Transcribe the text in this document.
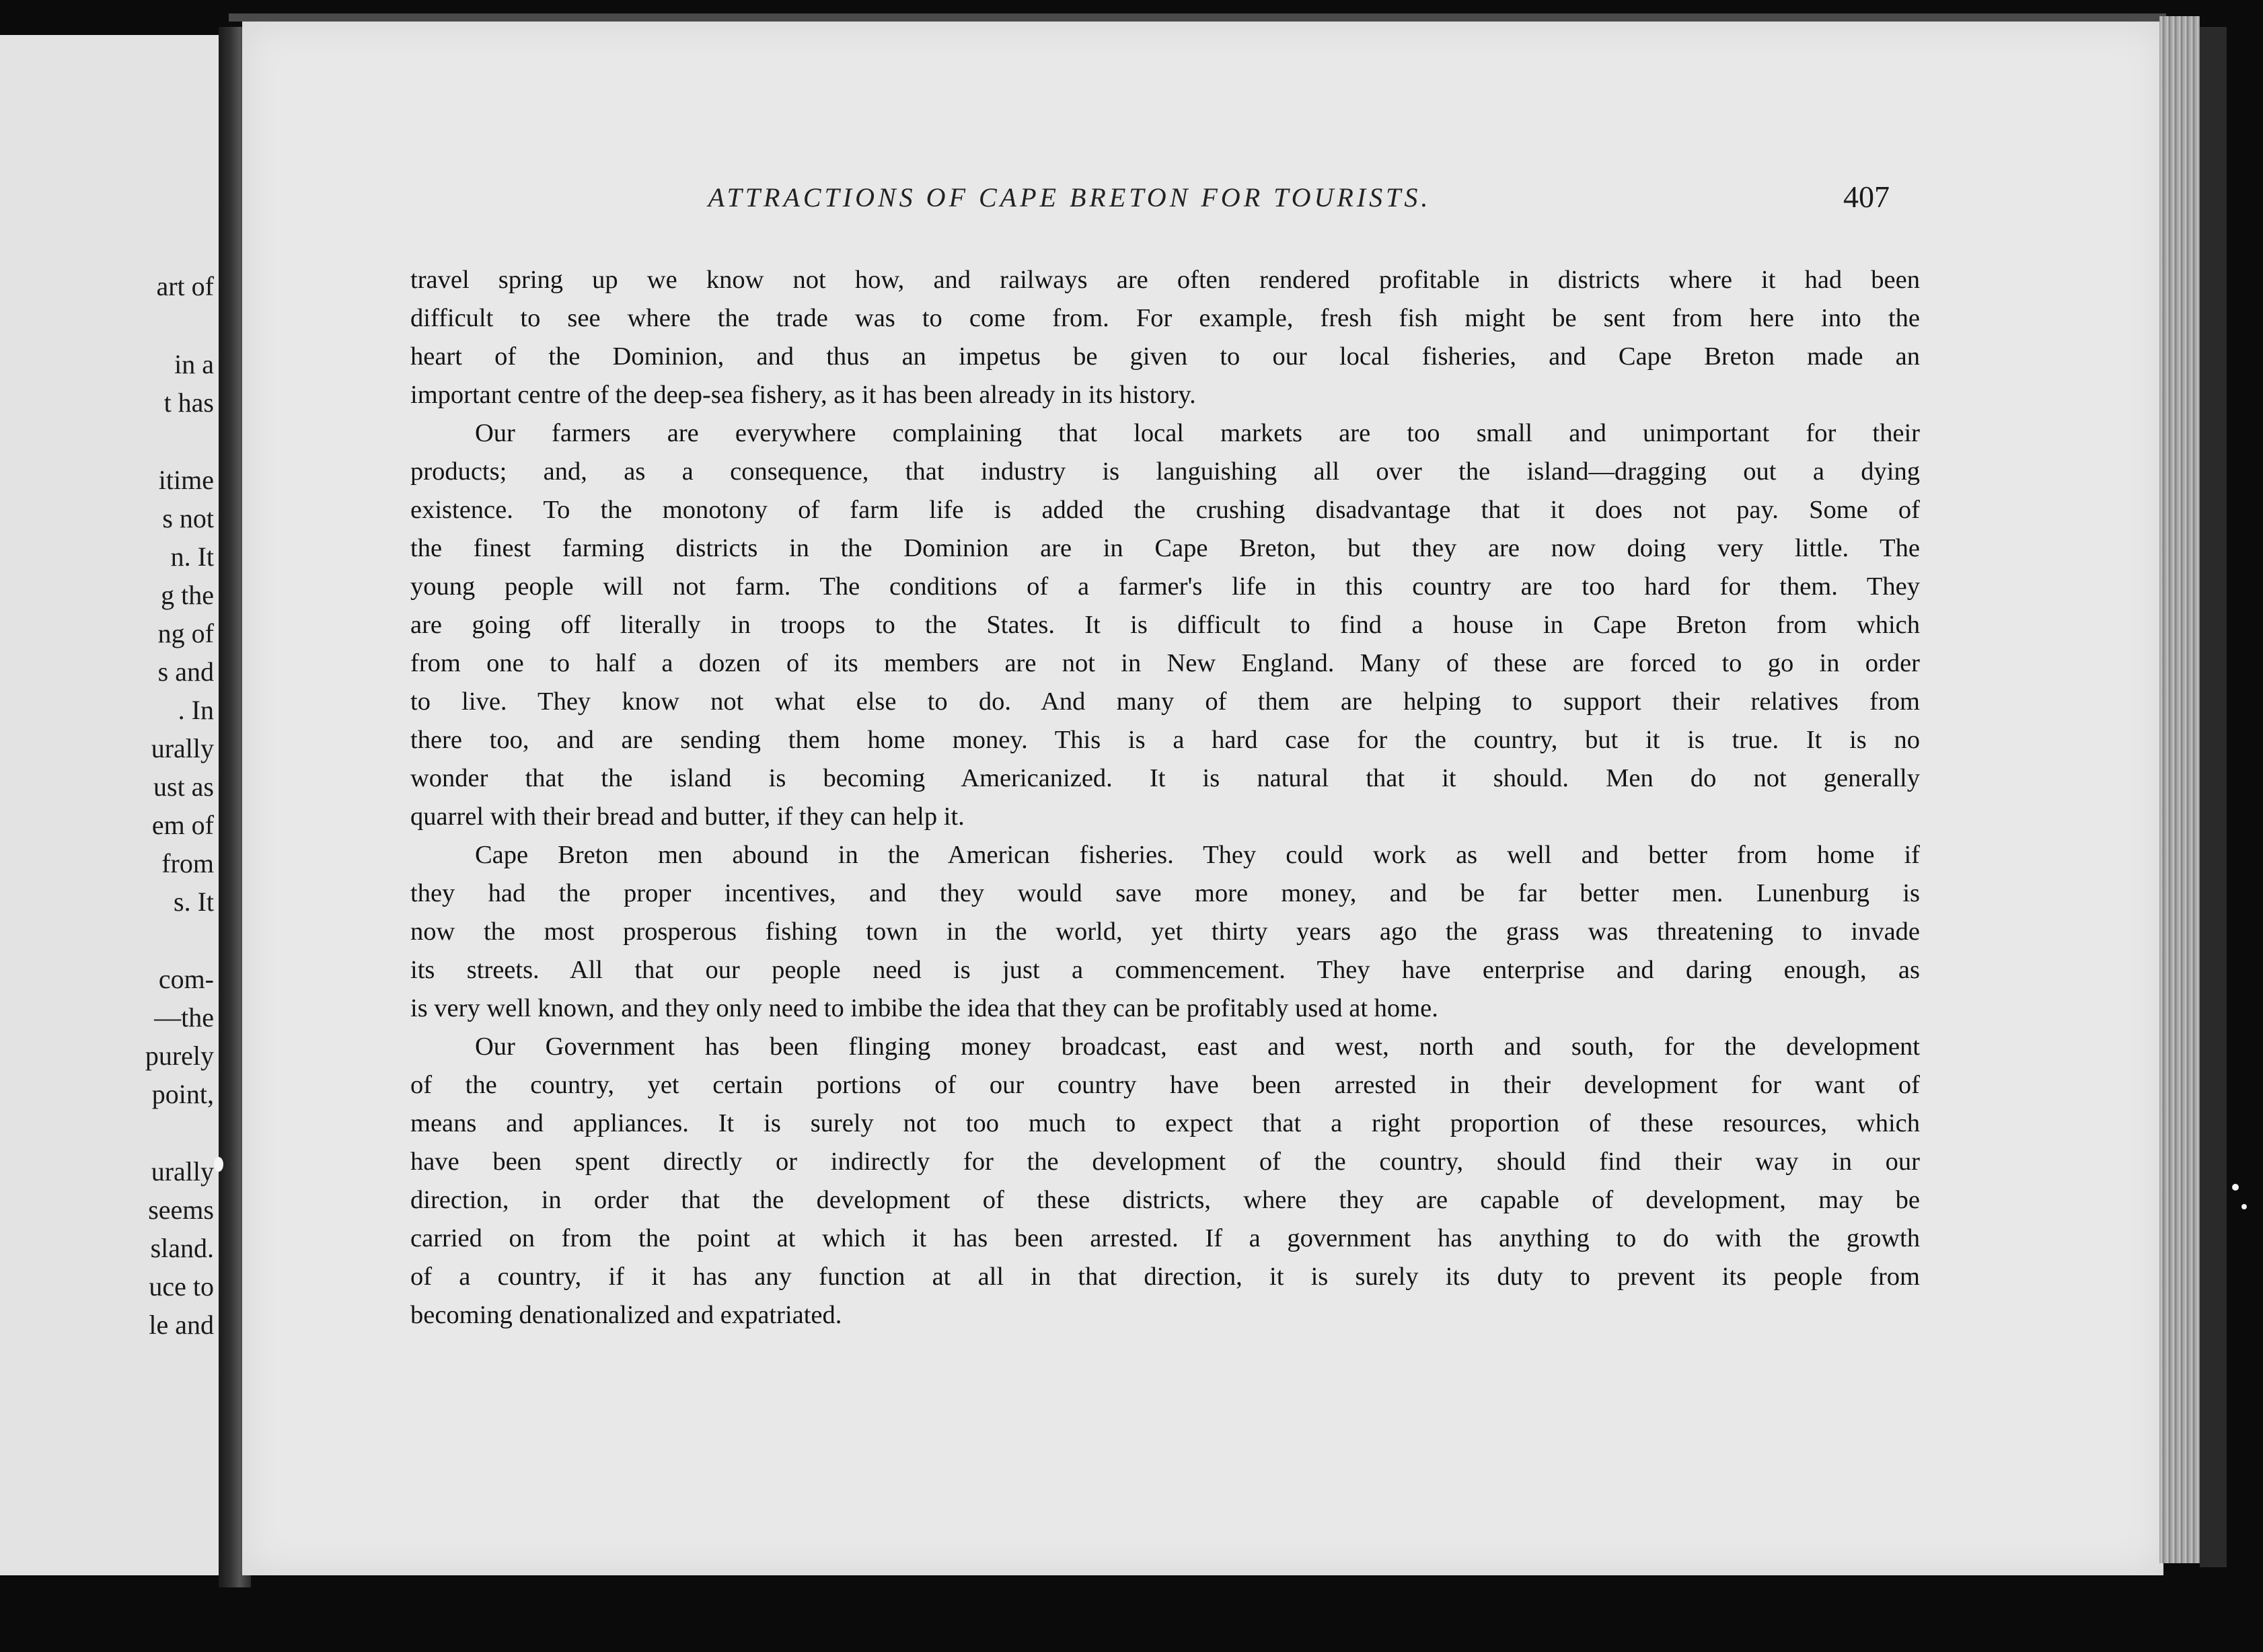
art of
in a
t has
itime
s not
n. It
g the
ng of
s and
. In
urally
ust as
em of
from
s. It
com-
—the
purely
point,
urally
seems
sland.
uce to
le and
ATTRACTIONS OF CAPE BRETON FOR TOURISTS.	407
travel spring up we know not how, and railways are often rendered profitable in districts where it had been
difficult to see where the trade was to come from. For example, fresh fish might be sent from here into the
heart of the Dominion, and thus an impetus be given to our local fisheries, and Cape Breton made an
important centre of the deep-sea fishery, as it has been already in its history.
Our farmers are everywhere complaining that local markets are too small and unimportant for their
products; and, as a consequence, that industry is languishing all over the island—dragging out a dying
existence. To the monotony of farm life is added the crushing disadvantage that it does not pay. Some of
the finest farming districts in the Dominion are in Cape Breton, but they are now doing very little. The
young people will not farm. The conditions of a farmer's life in this country are too hard for them. They
are going off literally in troops to the States. It is difficult to find a house in Cape Breton from which
from one to half a dozen of its members are not in New England. Many of these are forced to go in order
to live. They know not what else to do. And many of them are helping to support their relatives from
there too, and are sending them home money. This is a hard case for the country, but it is true. It is no
wonder that the island is becoming Americanized. It is natural that it should. Men do not generally
quarrel with their bread and butter, if they can help it.
Cape Breton men abound in the American fisheries. They could work as well and better from home if
they had the proper incentives, and they would save more money, and be far better men. Lunenburg is
now the most prosperous fishing town in the world, yet thirty years ago the grass was threatening to invade
its streets. All that our people need is just a commencement. They have enterprise and daring enough, as
is very well known, and they only need to imbibe the idea that they can be profitably used at home.
Our Government has been flinging money broadcast, east and west, north and south, for the development
of the country, yet certain portions of our country have been arrested in their development for want of
means and appliances. It is surely not too much to expect that a right proportion of these resources, which
have been spent directly or indirectly for the development of the country, should find their way in our
direction, in order that the development of these districts, where they are capable of development, may be
carried on from the point at which it has been arrested. If a government has anything to do with the growth
of a country, if it has any function at all in that direction, it is surely its duty to prevent its people from
becoming denationalized and expatriated.
